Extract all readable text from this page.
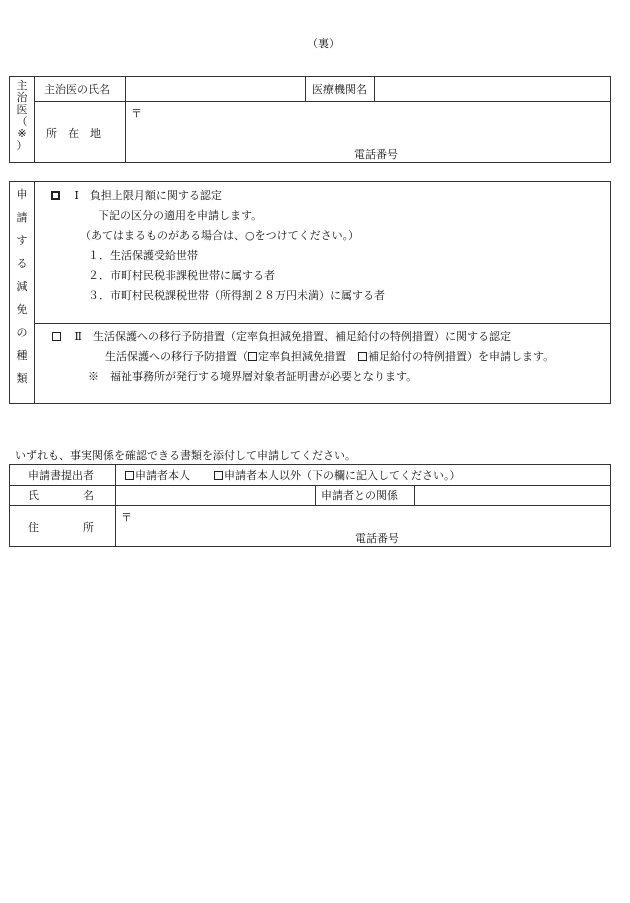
（裏）
主
治
医
（
※
）
主治医の氏名	医療機関名
所　在　地
〒
電話番号
申
請
す
る
減
免
の
種
類
Ⅰ　負担上限月額に関する認定
下記の区分の適用を申請します。
（あてはまるものがある場合は、○をつけてください。）
１．生活保護受給世帯
２．市町村民税非課税世帯に属する者
３．市町村民税課税世帯（所得割２８万円未満）に属する者
Ⅱ　生活保護への移行予防措置（定率負担減免措置、補足給付の特例措置）に関する認定
生活保護への移行予防措置（ 定率負担減免措置 補足給付の特例措置）を申請します。
※　福祉事務所が発行する境界層対象者証明書が必要となります。
いずれも、事実関係を確認できる書類を添付して申請してください。
申請書提出者	申請者本人	申請者本人以外（下の欄に記入してください。）
氏　　　　名	申請者との関係
住　　　　所
〒
電話番号
